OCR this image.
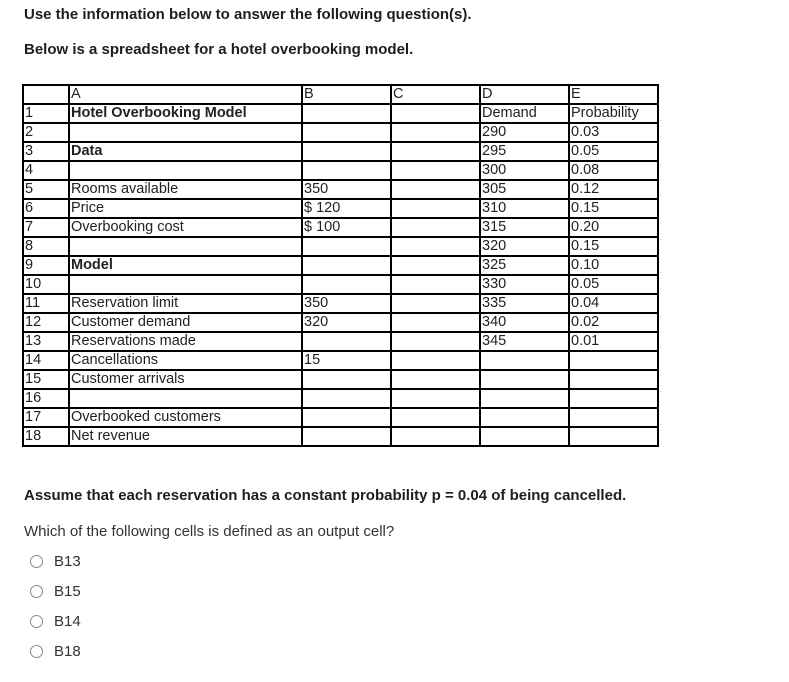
Use the information below to answer the following question(s).
Below is a spreadsheet for a hotel overbooking model.
	A	B	C	D	E
1	Hotel Overbooking Model			Demand	Probability
2				290	0.03
3	Data			295	0.05
4				300	0.08
5	Rooms available	350		305	0.12
6	Price	$ 120		310	0.15
7	Overbooking cost	$ 100		315	0.20
8				320	0.15
9	Model			325	0.10
10				330	0.05
11	Reservation limit	350		335	0.04
12	Customer demand	320		340	0.02
13	Reservations made			345	0.01
14	Cancellations	15			
15	Customer arrivals				
16					
17	Overbooked customers				
18	Net revenue				
Assume that each reservation has a constant probability p = 0.04 of being cancelled.
Which of the following cells is defined as an output cell?
B13
B15
B14
B18
